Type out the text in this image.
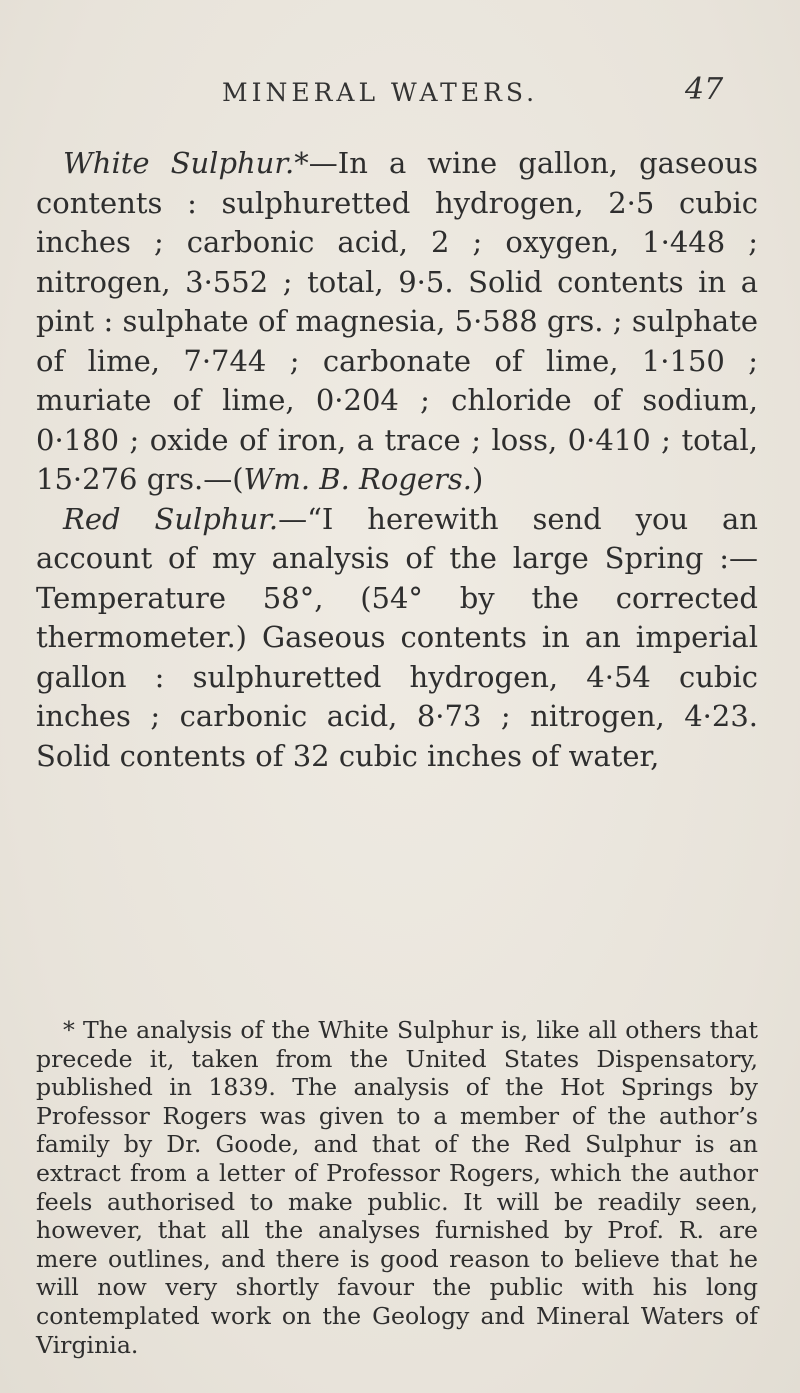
MINERAL WATERS.	47

White Sulphur.*—In a wine gallon, gaseous contents : sulphuretted hydrogen, 2·5 cubic inches ; carbonic acid, 2 ; oxygen, 1·448 ; nitrogen, 3·552 ; total, 9·5. Solid contents in a pint : sulphate of magnesia, 5·588 grs. ; sulphate of lime, 7·744 ; carbonate of lime, 1·150 ; muriate of lime, 0·204 ; chloride of sodium, 0·180 ; oxide of iron, a trace ; loss, 0·410 ; total, 15·276 grs.—(Wm. B. Rogers.)

Red Sulphur.—“I herewith send you an account of my analysis of the large Spring :—Temperature 58°, (54° by the corrected thermometer.) Gaseous contents in an imperial gallon : sulphuretted hydrogen, 4·54 cubic inches ; carbonic acid, 8·73 ; nitrogen, 4·23. Solid contents of 32 cubic inches of water,

* The analysis of the White Sulphur is, like all others that precede it, taken from the United States Dispensatory, published in 1839. The analysis of the Hot Springs by Professor Rogers was given to a member of the author’s family by Dr. Goode, and that of the Red Sulphur is an extract from a letter of Professor Rogers, which the author feels authorised to make public. It will be readily seen, however, that all the analyses furnished by Prof. R. are mere outlines, and there is good reason to believe that he will now very shortly favour the public with his long contemplated work on the Geology and Mineral Waters of Virginia.
